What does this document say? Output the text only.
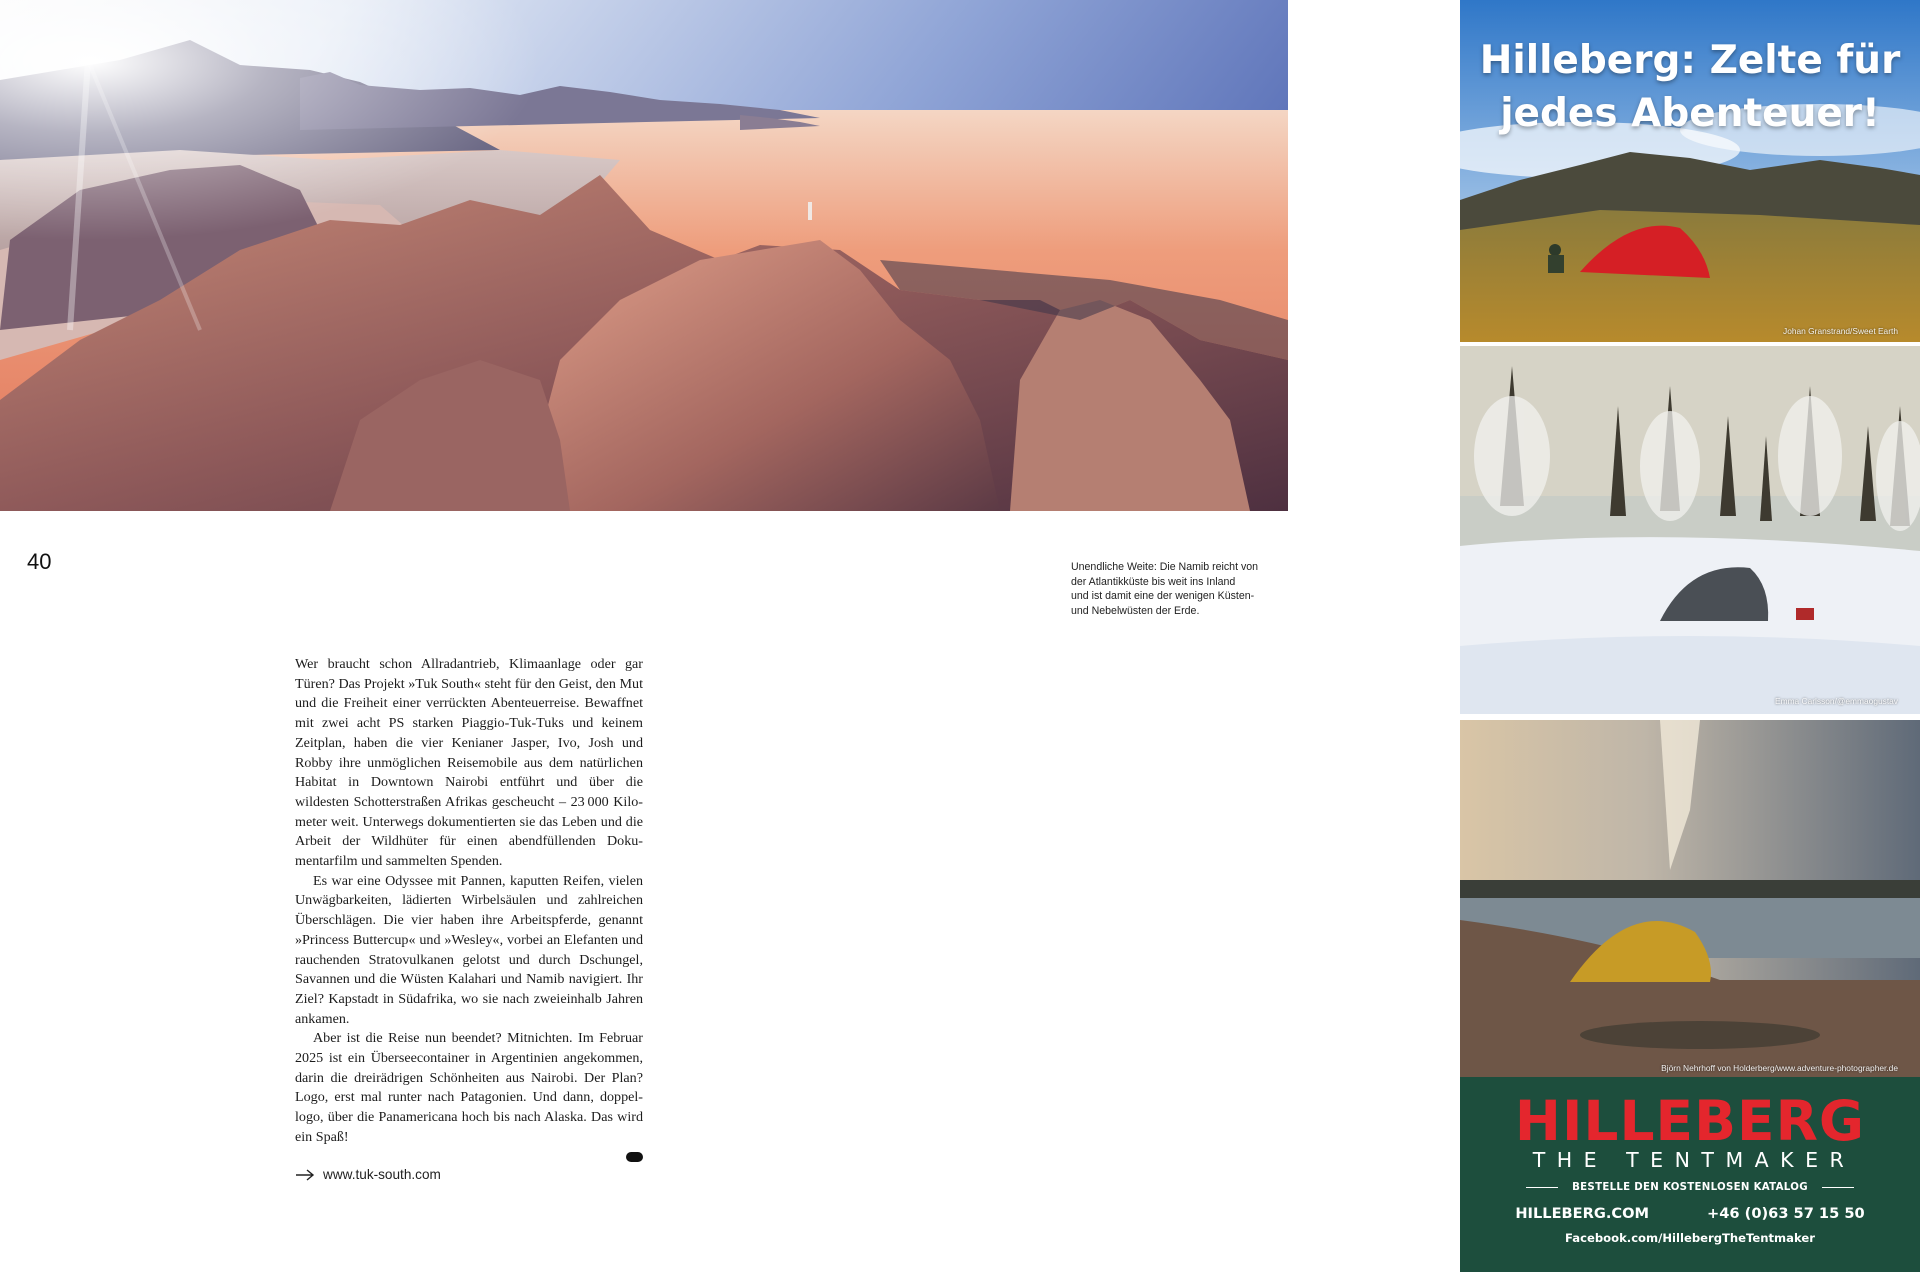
40	Unendliche Weite: Die Namib reicht von
der Atlantikküste bis weit ins Inland
und ist damit eine der wenigen Küsten-
und Nebelwüsten der Erde.

Wer braucht schon Allradantrieb, Klimaanlage oder gar Türen? Das Projekt »Tuk South« steht für den Geist, den Mut und die Freiheit einer verrückten Abenteuerreise. Bewaffnet mit zwei acht PS starken Piaggio-Tuk-Tuks und keinem Zeitplan, haben die vier Kenianer Jasper, Ivo, Josh und Robby ihre unmöglichen Reisemobile aus dem natürlichen Habitat in Downtown Nairobi entführt und über die wildesten Schotterstraßen Afrikas gescheucht – 23 000 Kilometer weit. Unterwegs dokumentierten sie das Leben und die Arbeit der Wildhüter für einen abendfüllenden Dokumentarfilm und sammelten Spenden.

Es war eine Odyssee mit Pannen, kaputten Reifen, vielen Unwägbarkeiten, lädierten Wirbelsäulen und zahlreichen Überschlägen. Die vier haben ihre Arbeitspferde, genannt »Princess Buttercup« und »Wesley«, vorbei an Elefanten und rauchenden Stratovulkanen gelotst und durch Dschungel, Savannen und die Wüsten Kalahari und Namib navigiert. Ihr Ziel? Kapstadt in Südafrika, wo sie nach zweieinhalb Jahren ankamen.

Aber ist die Reise nun beendet? Mitnichten. Im Februar 2025 ist ein Überseecontainer in Argentinien angekommen, darin die dreirädrigen Schönheiten aus Nairobi. Der Plan? Logo, erst mal runter nach Patagonien. Und dann, doppel-logo, über die Panamericana hoch bis nach Alaska. Das wird ein Spaß!

www.tuk-south.com
Johan Granstrand/Sweet Earth
Hilleberg: Zelte für
jedes Abenteuer!
Emma Carlsson/@emmaogustav
Björn Nehrhoff von Holderberg/www.adventure-photographer.de
HILLEBERG
THE TENTMAKER
BESTELLE DEN KOSTENLOSEN KATALOG
HILLEBERG.COM	+46 (0)63 57 15 50
Facebook.com/HillebergTheTentmaker
